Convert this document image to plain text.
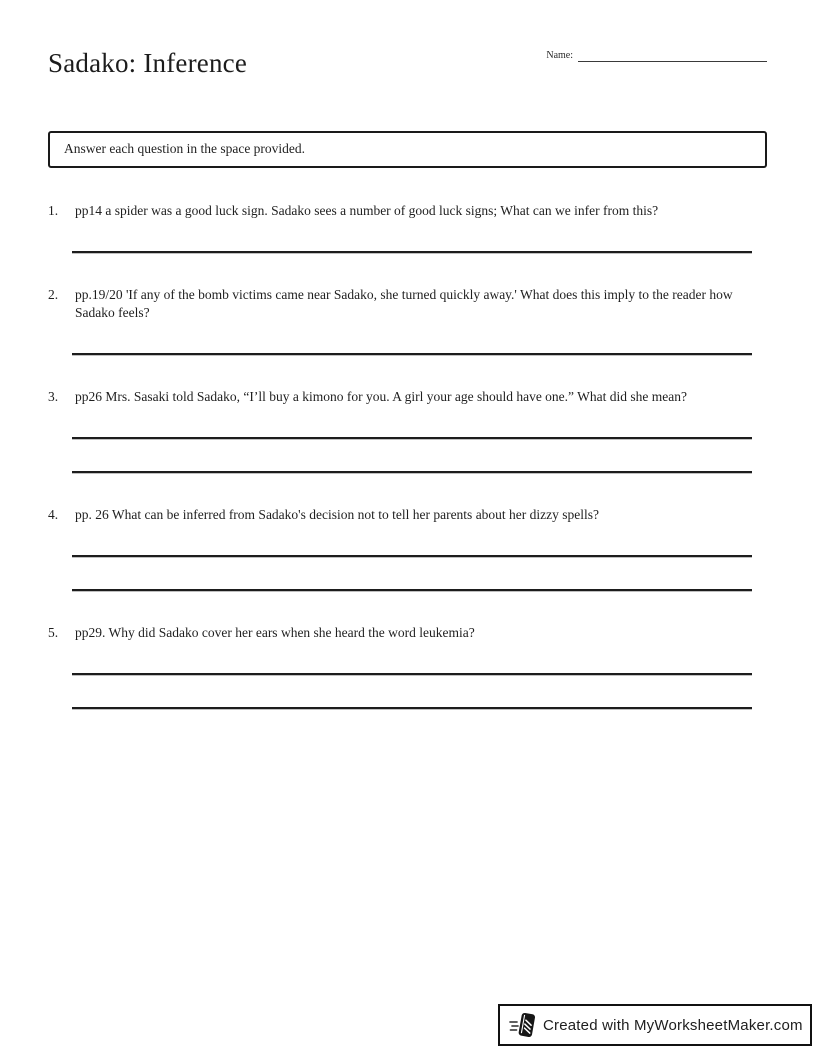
Sadako: Inference	Name:
Answer each question in the space provided.
1.	pp14 a spider was a good luck sign. Sadako sees a number of good luck signs; What can we infer from this?
2.	pp.19/20 'If any of the bomb victims came near Sadako, she turned quickly away.' What does this imply to the reader how Sadako feels?
3.	pp26 Mrs. Sasaki told Sadako, “I’ll buy a kimono for you. A girl your age should have one.” What did she mean?
4.	pp. 26 What can be inferred from Sadako's decision not to tell her parents about her dizzy spells?
5.	pp29. Why did Sadako cover her ears when she heard the word leukemia?
Created with MyWorksheetMaker.com
